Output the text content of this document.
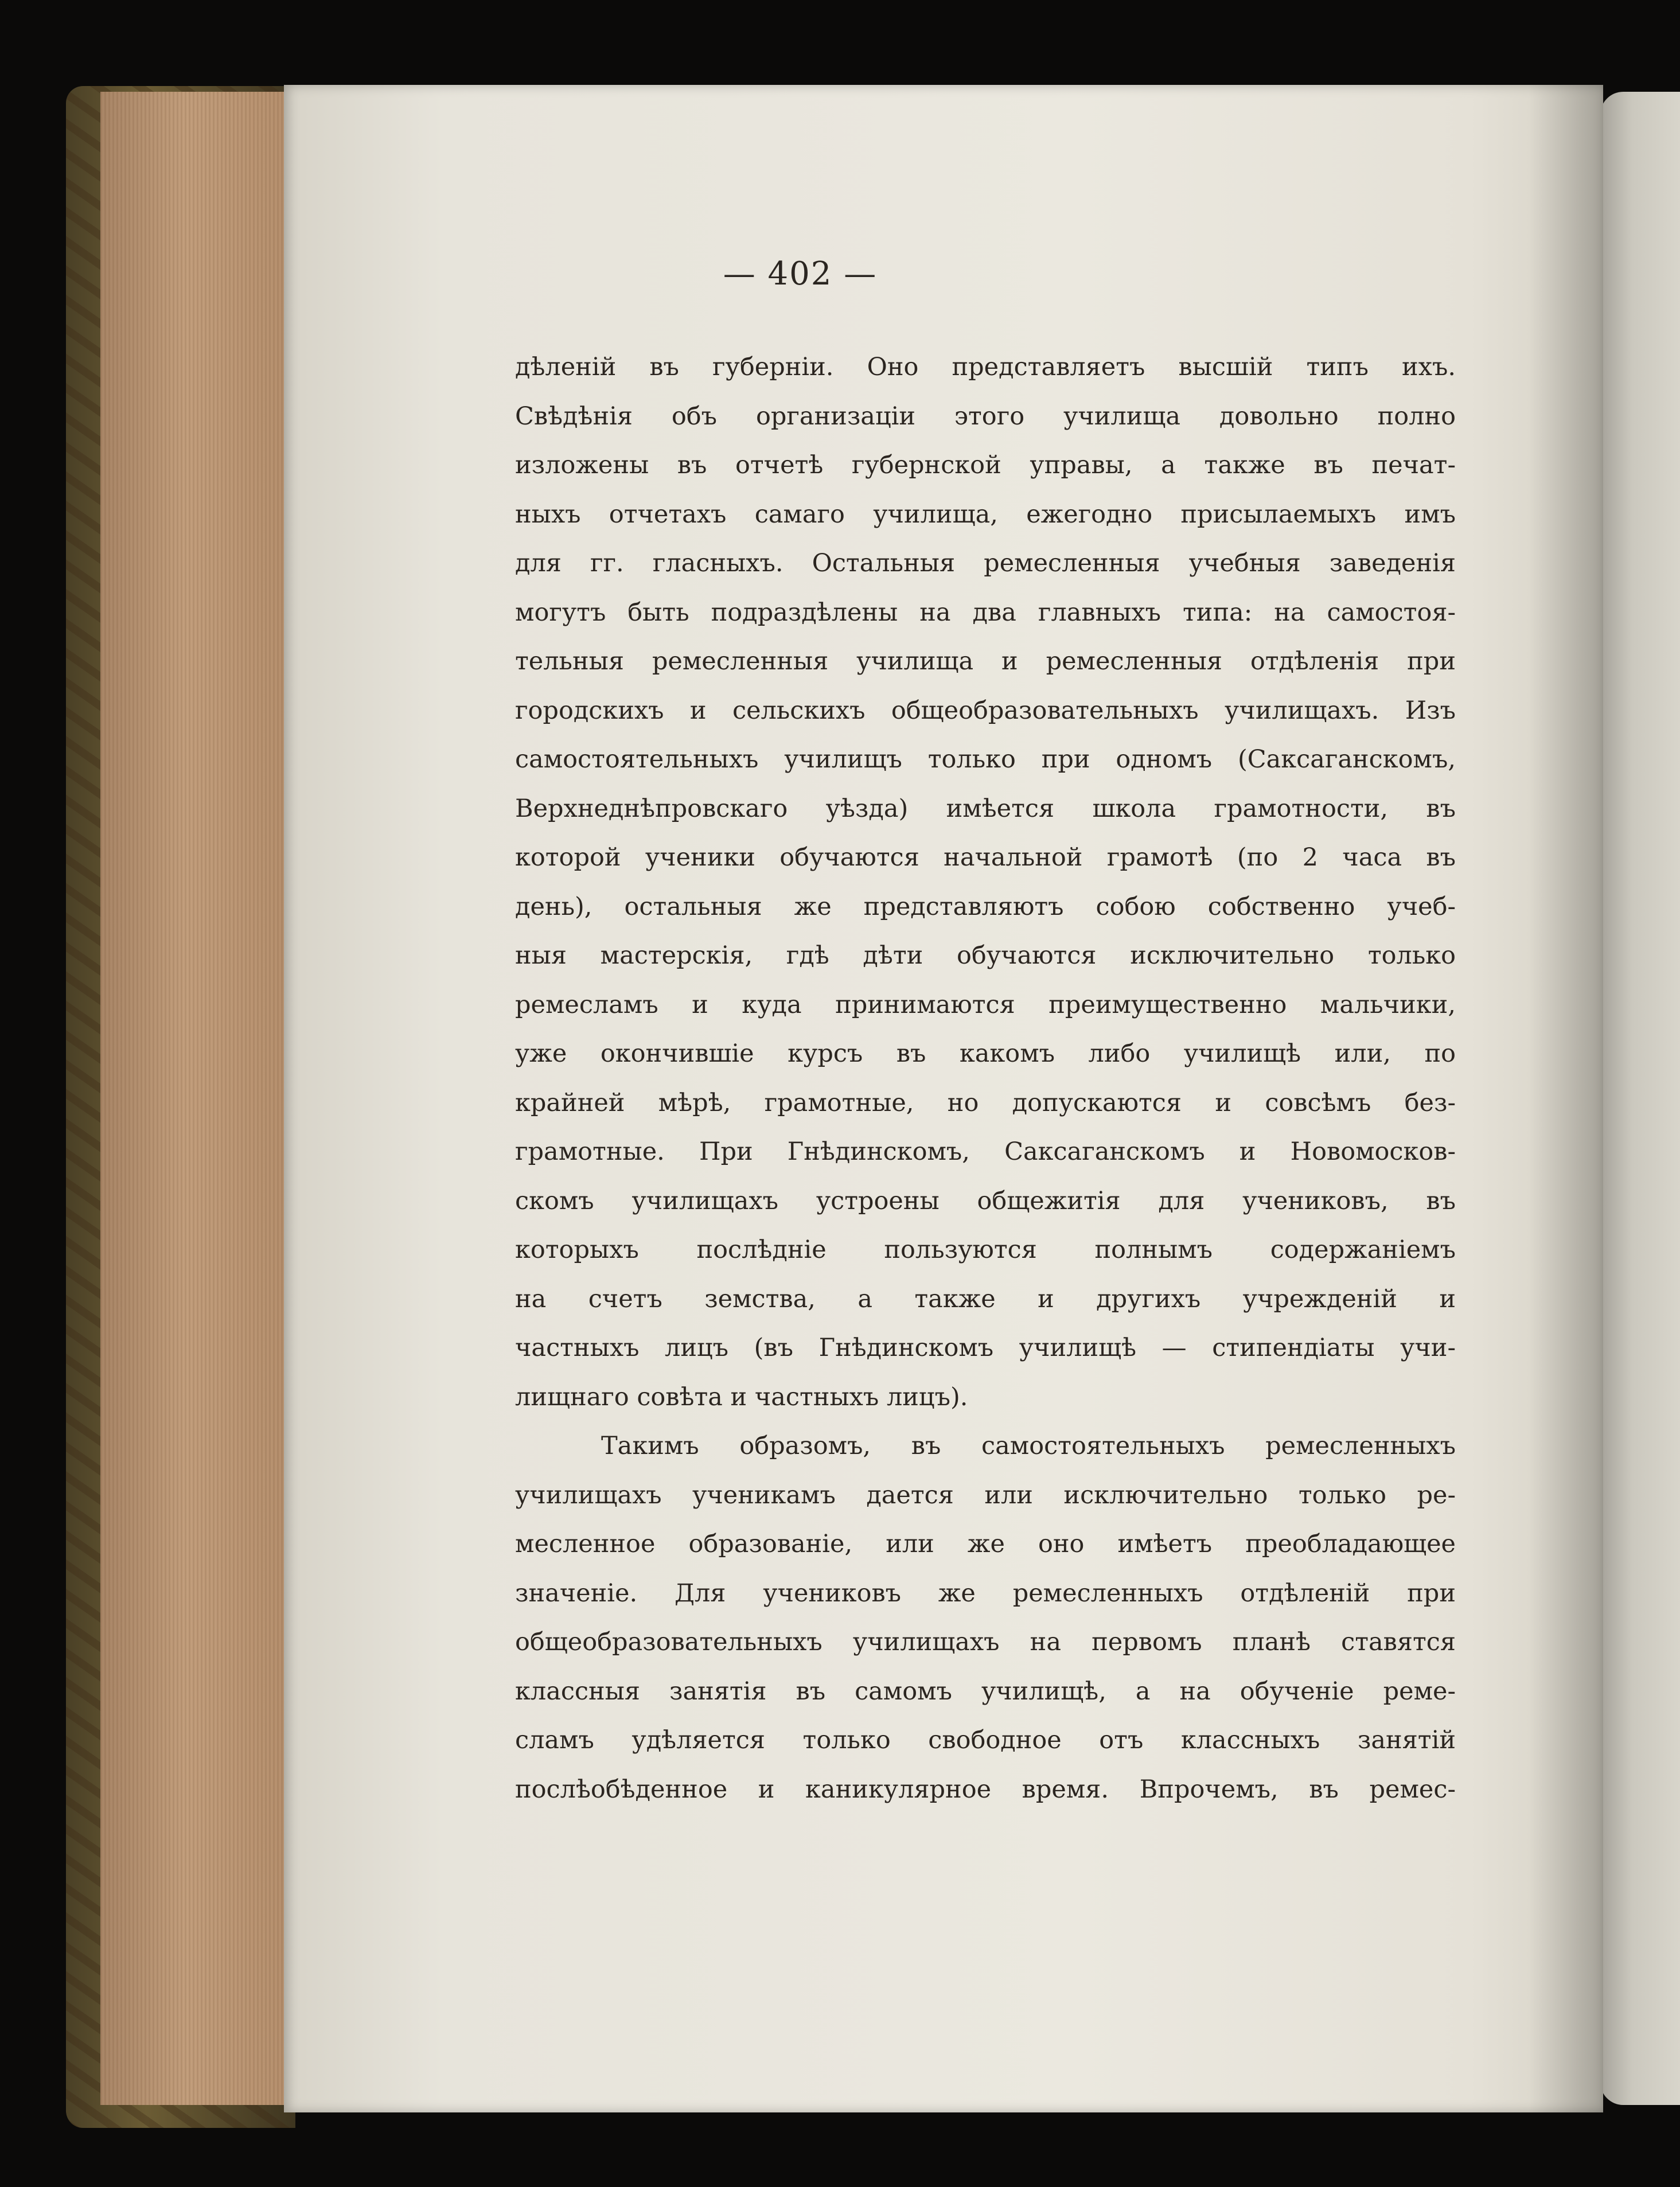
— 402 —
дѣленій въ губерніи. Оно представляетъ высшій типъ ихъ.
Свѣдѣнія объ организаціи этого училища довольно полно
изложены въ отчетѣ губернской управы, а также въ печат-
ныхъ отчетахъ самаго училища, ежегодно присылаемыхъ имъ
для гг. гласныхъ. Остальныя ремесленныя учебныя заведенія
могутъ быть подраздѣлены на два главныхъ типа: на самостоя-
тельныя ремесленныя училища и ремесленныя отдѣленія при
городскихъ и сельскихъ общеобразовательныхъ училищахъ. Изъ
самостоятельныхъ училищъ только при одномъ (Саксаганскомъ,
Верхнеднѣпровскаго уѣзда) имѣется школа грамотности, въ
которой ученики обучаются начальной грамотѣ (по 2 часа въ
день), остальныя же представляютъ собою собственно учеб-
ныя мастерскія, гдѣ дѣти обучаются исключительно только
ремесламъ и куда принимаются преимущественно мальчики,
уже окончившіе курсъ въ какомъ либо училищѣ или, по
крайней мѣрѣ, грамотные, но допускаются и совсѣмъ без-
грамотные. При Гнѣдинскомъ, Саксаганскомъ и Новомосков-
скомъ училищахъ устроены общежитія для учениковъ, въ
которыхъ послѣдніе пользуются полнымъ содержаніемъ
на счетъ земства, а также и другихъ учрежденій и
частныхъ лицъ (въ Гнѣдинскомъ училищѣ — стипендіаты учи-
лищнаго совѣта и частныхъ лицъ).
Такимъ образомъ, въ самостоятельныхъ ремесленныхъ
училищахъ ученикамъ дается или исключительно только ре-
месленное образованіе, или же оно имѣетъ преобладающее
значеніе. Для учениковъ же ремесленныхъ отдѣленій при
общеобразовательныхъ училищахъ на первомъ планѣ ставятся
классныя занятія въ самомъ училищѣ, а на обученіе реме-
сламъ удѣляется только свободное отъ классныхъ занятій
послѣобѣденное и каникулярное время. Впрочемъ, въ ремес-
